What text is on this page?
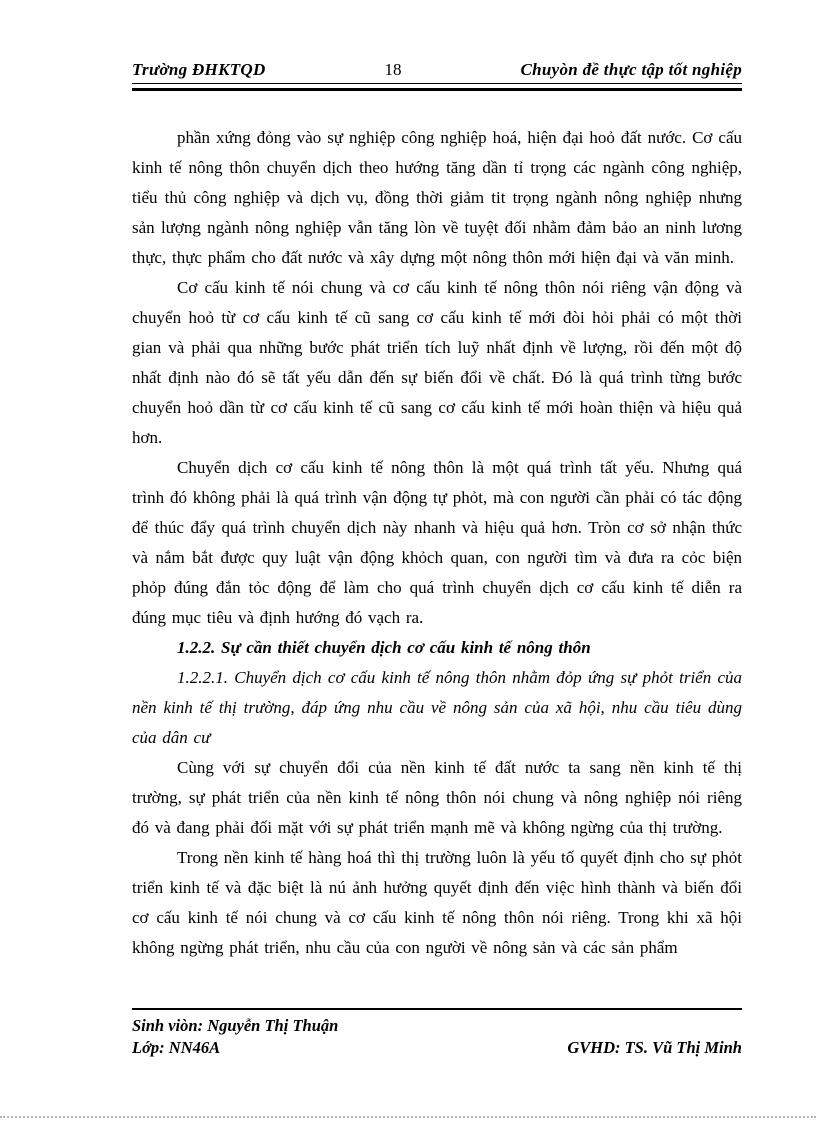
Trường ĐHKTQD	18	Chuyòn đề thực tập tốt nghiệp

phần xứng đỏng vào sự nghiệp công nghiệp hoá, hiện đại hoỏ đất nước. Cơ cấu kinh tế nông thôn chuyển dịch theo hướng tăng dần tỉ trọng các ngành công nghiệp, tiểu thủ công nghiệp và dịch vụ, đồng thời giảm tit trọng ngành nông nghiệp nhưng sản lượng ngành nông nghiệp vẫn tăng lòn về tuyệt đối nhằm đảm bảo an ninh lương thực, thực phẩm cho đất nước và xây dựng một nông thôn mới hiện đại và văn minh.

Cơ cấu kinh tế nói chung và cơ cấu kinh tế nông thôn nói riêng vận động và chuyển hoỏ từ cơ cấu kinh tế cũ sang cơ cấu kinh tế mới đòi hỏi phải có một thời gian và phải qua những bước phát triển tích luỹ nhất định về lượng, rồi đến một độ nhất định nào đó sẽ tất yếu dẫn đến sự biến đổi về chất. Đó là quá trình từng bước chuyển hoỏ dần từ cơ cấu kinh tế cũ sang cơ cấu kinh tế mới hoàn thiện và hiệu quả hơn.

Chuyển dịch cơ cấu kinh tế nông thôn là một quá trình tất yếu. Nhưng quá trình đó không phải là quá trình vận động tự phỏt, mà con người cần phải có tác động để thúc đẩy quá trình chuyển dịch này nhanh và hiệu quả hơn. Tròn cơ sở nhận thức và nắm bắt được quy luật vận động khỏch quan, con người tìm và đưa ra cỏc biện phỏp đúng đắn tỏc động để làm cho quá trình chuyển dịch cơ cấu kinh tế diễn ra đúng mục tiêu và định hướng đó vạch ra.

1.2.2. Sự cần thiết chuyển dịch cơ cấu kinh tế nông thôn

1.2.2.1. Chuyển dịch cơ cấu kinh tế nông thôn nhằm đỏp ứng sự phỏt triển của nền kinh tế thị trường, đáp ứng nhu cầu về nông sản của xã hội, nhu cầu tiêu dùng của dân cư

Cùng với sự chuyển đổi của nền kinh tế đất nước ta sang nền kinh tế thị trường, sự phát triển của nền kinh tế nông thôn nói chung và nông nghiệp nói riêng đó và đang phải đối mặt với sự phát triển mạnh mẽ và không ngừng của thị trường.

Trong nền kinh tế hàng hoá thì thị trường luôn là yếu tố quyết định cho sự phỏt triển kinh tế và đặc biệt là nú ảnh hưởng quyết định đến việc hình thành và biến đổi cơ cấu kinh tế nói chung và cơ cấu kinh tế nông thôn nói riêng. Trong khi xã hội không ngừng phát triển, nhu cầu của con người về nông sản và các sản phẩm

Sinh viòn: Nguyễn Thị Thuận
Lớp: NN46A	GVHD: TS. Vũ Thị Minh
